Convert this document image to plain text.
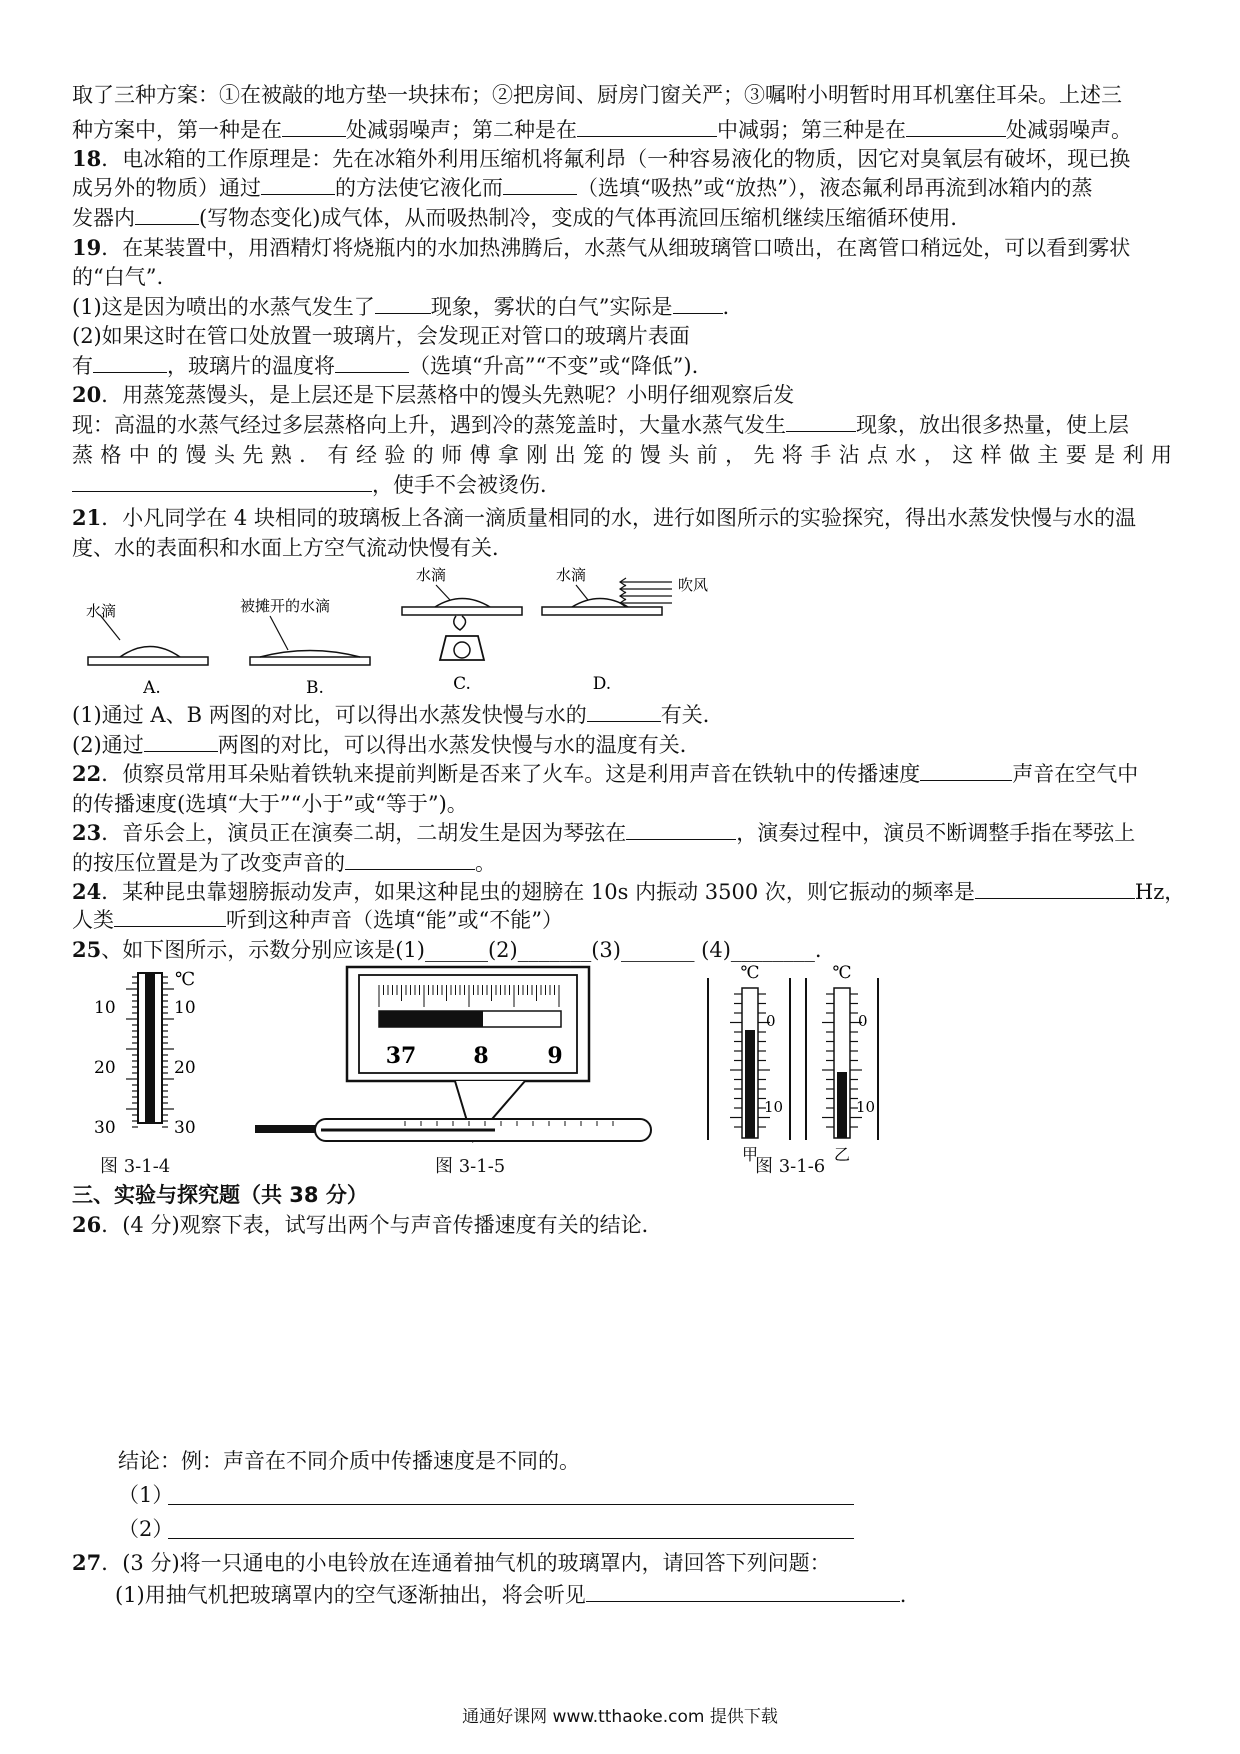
取了三种方案：①在被敲的地方垫一块抹布；②把房间、厨房门窗关严；③嘱咐小明暂时用耳机塞住耳朵。上述三
种方案中，第一种是在	处减弱噪声；第二种是在	中减弱；第三种是在	处减弱噪声。
18．电冰箱的工作原理是：先在冰箱外利用压缩机将氟利昂（一种容易液化的物质，因它对臭氧层有破坏，现已换
成另外的物质）通过	的方法使它液化而	（选填“吸热”或“放热”），液态氟利昂再流到冰箱内的蒸
发器内	(写物态变化)成气体，从而吸热制冷，变成的气体再流回压缩机继续压缩循环使用．
19．在某装置中，用酒精灯将烧瓶内的水加热沸腾后，水蒸气从细玻璃管口喷出，在离管口稍远处，可以看到雾状
的“白气”.
(1)这是因为喷出的水蒸气发生了	现象，雾状的白气”实际是 .
(2)如果这时在管口处放置一玻璃片，会发现正对管口的玻璃片表面
有	，玻璃片的温度将	（选填“升高”“不变”或“降低”).
20．用蒸笼蒸馒头，是上层还是下层蒸格中的馒头先熟呢？小明仔细观察后发
现：高温的水蒸气经过多层蒸格向上升，遇到冷的蒸笼盖时，大量水蒸气发生	现象，放出很多热量，使上层
蒸格中的馒头先熟．有经验的师傅拿刚出笼的馒头前，先将手沾点水，这样做主要是利用
，使手不会被烫伤．
21．小凡同学在 4 块相同的玻璃板上各滴一滴质量相同的水，进行如图所示的实验探究，得出水蒸发快慢与水的温
度、水的表面积和水面上方空气流动快慢有关．
水滴
A.
被摊开的水滴
B.
水滴
C.
水滴
吹风
D.
(1)通过 A、B 两图的对比，可以得出水蒸发快慢与水的	有关．
(2)通过	两图的对比，可以得出水蒸发快慢与水的温度有关．
22．侦察员常用耳朵贴着铁轨来提前判断是否来了火车。这是利用声音在铁轨中的传播速度	声音在空气中
的传播速度(选填“大于”“小于”或“等于”)。
23．音乐会上，演员正在演奏二胡，二胡发生是因为琴弦在	，演奏过程中，演员不断调整手指在琴弦上
的按压位置是为了改变声音的	。
24．某种昆虫靠翅膀振动发声，如果这种昆虫的翅膀在 10s 内振动 3500 次，则它振动的频率是	Hz，
人类	听到这种声音（选填“能”或“不能”）
25、如下图所示，示数分别应该是(1)______(2)_______(3)_______ (4)________.
℃
10
20
30
10
20
30
图 3-1-4
37	8	9
图 3-1-5
℃	℃
0
10
0
10
甲	乙
图 3-1-6
三、实验与探究题（共 38 分）
26．(4 分)观察下表，试写出两个与声音传播速度有关的结论．
结论：例：声音在不同介质中传播速度是不同的。
（1）
（2）
27．(3 分)将一只通电的小电铃放在连通着抽气机的玻璃罩内，请回答下列问题：
(1)用抽气机把玻璃罩内的空气逐渐抽出，将会听见	.
通通好课网 www.tthaoke.com 提供下载
